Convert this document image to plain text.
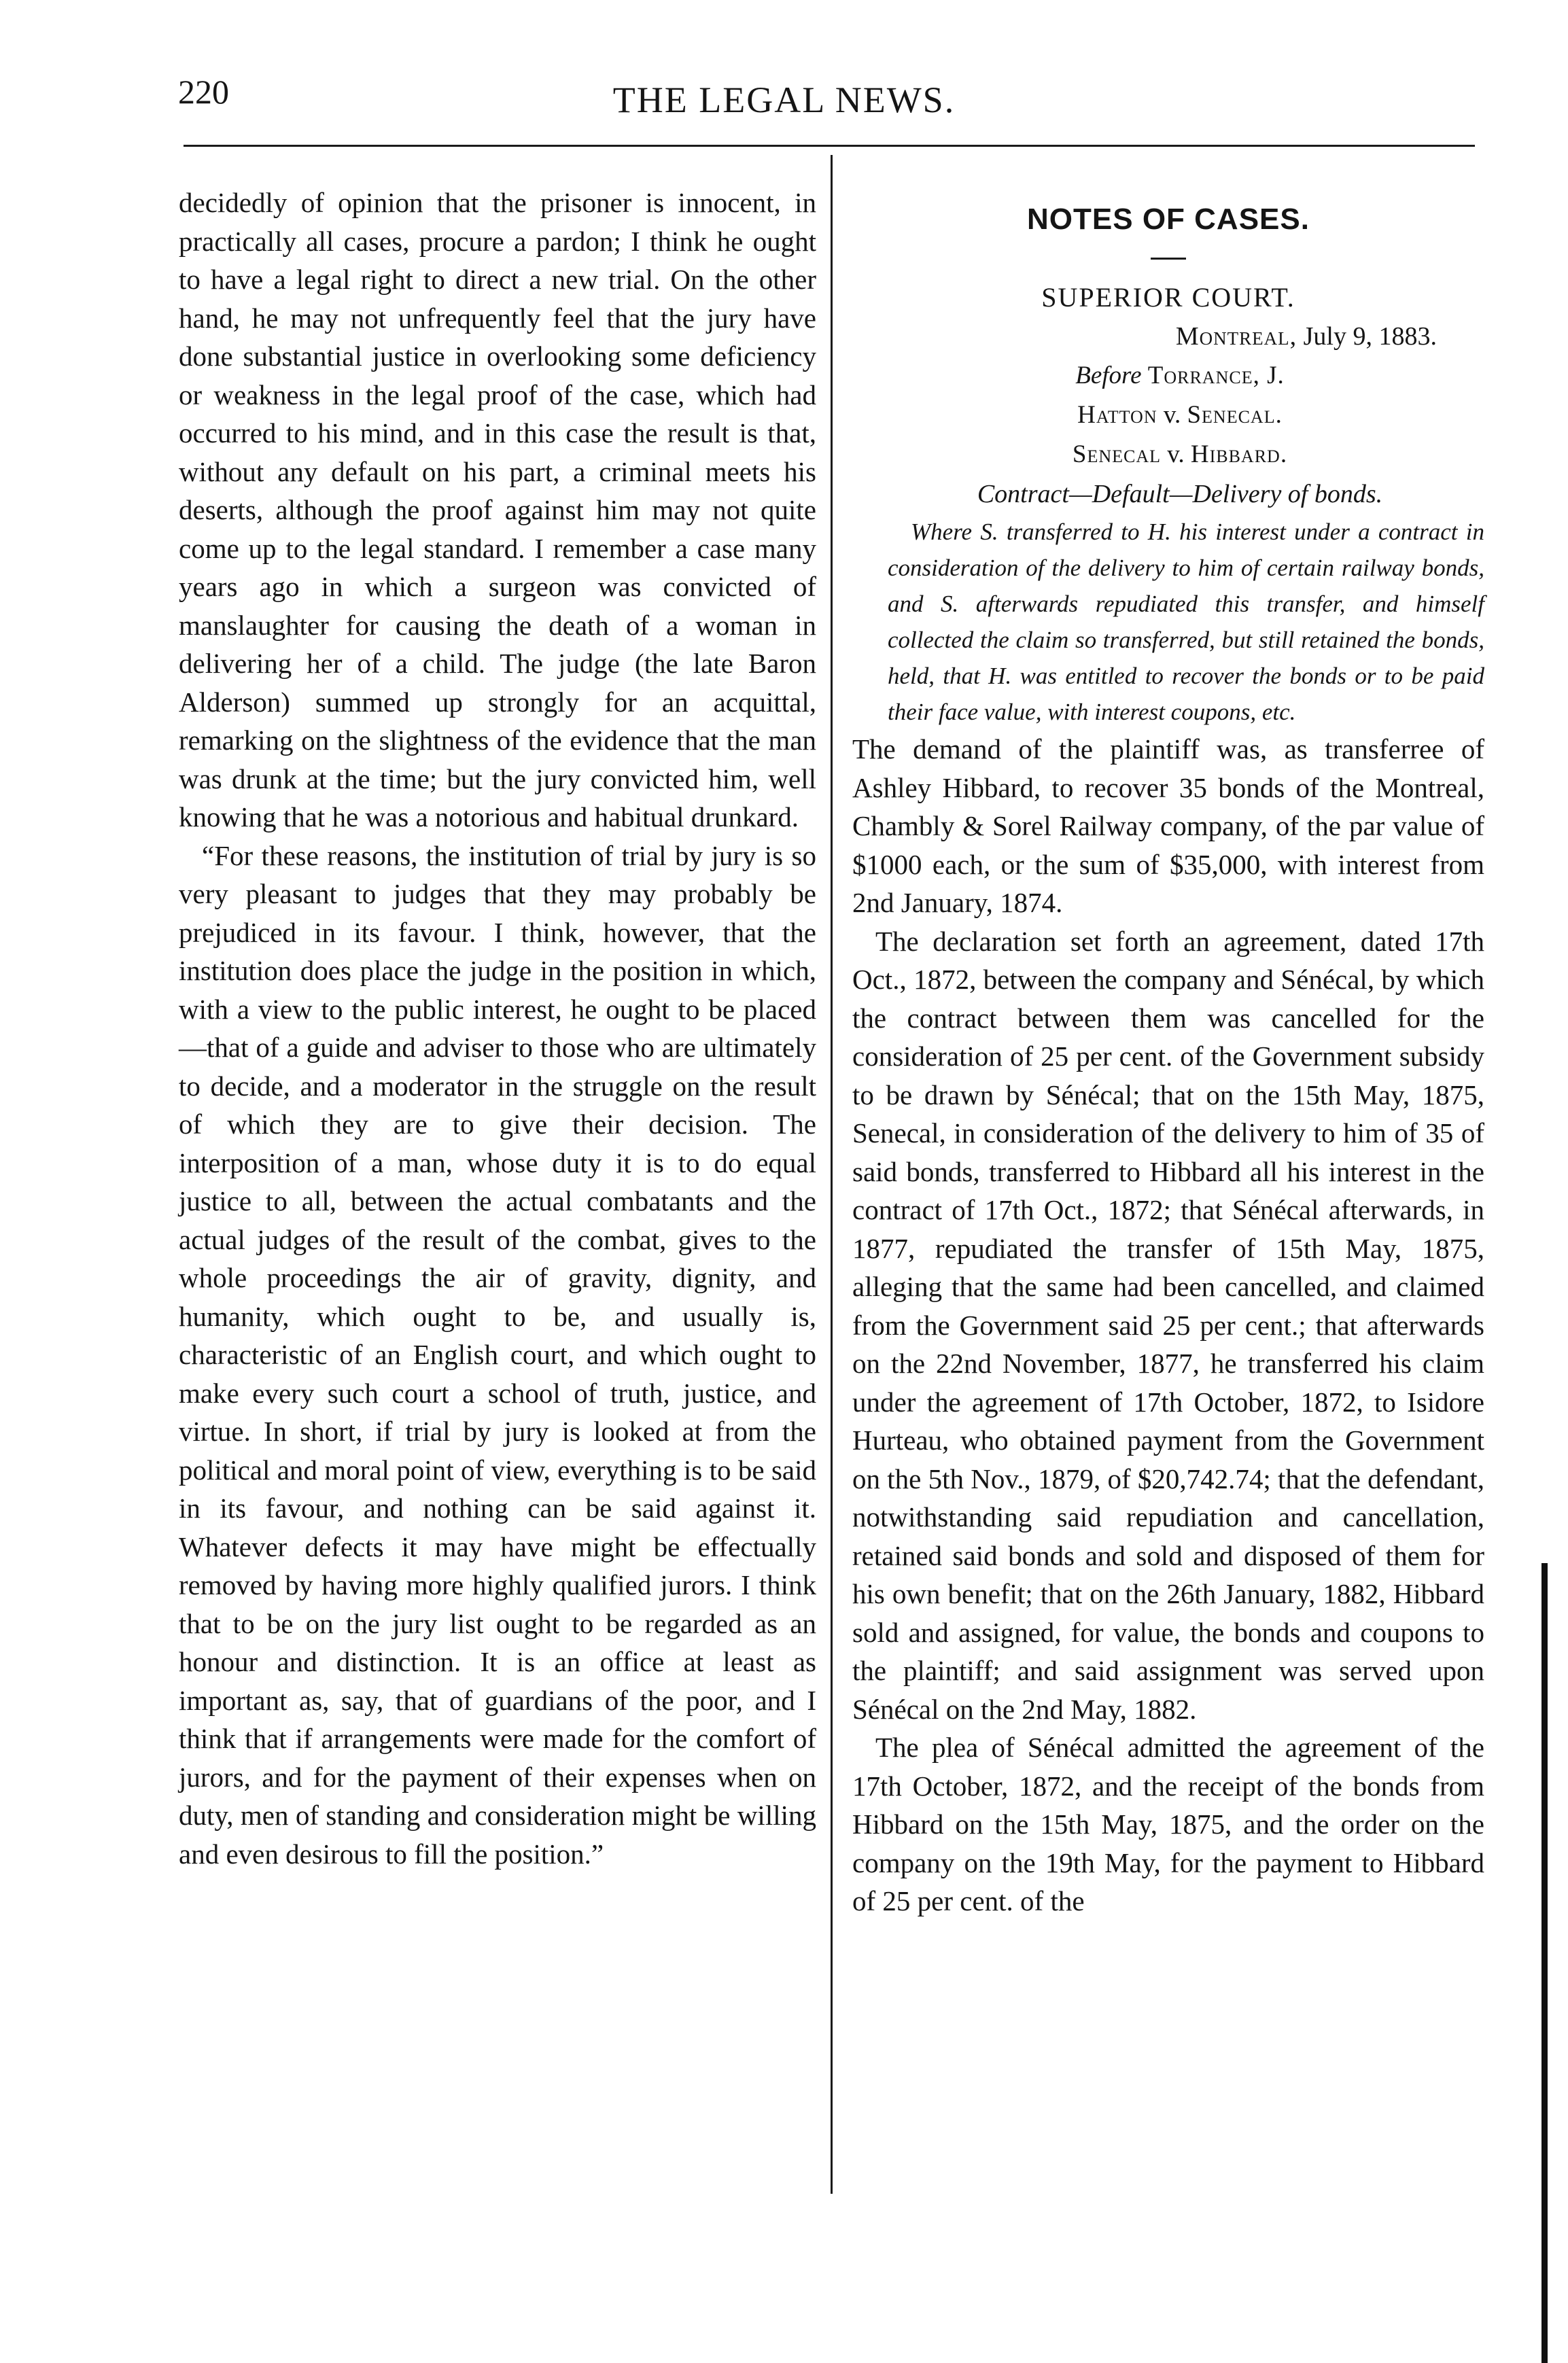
220	THE LEGAL NEWS.

decidedly of opinion that the prisoner is innocent, in practically all cases, procure a pardon; I think he ought to have a legal right to direct a new trial. On the other hand, he may not unfrequently feel that the jury have done substantial justice in overlooking some deficiency or weakness in the legal proof of the case, which had occurred to his mind, and in this case the result is that, without any default on his part, a criminal meets his deserts, although the proof against him may not quite come up to the legal standard. I remember a case many years ago in which a surgeon was convicted of manslaughter for causing the death of a woman in delivering her of a child. The judge (the late Baron Alderson) summed up strongly for an acquittal, remarking on the slightness of the evidence that the man was drunk at the time; but the jury convicted him, well knowing that he was a notorious and habitual drunkard.

“For these reasons, the institution of trial by jury is so very pleasant to judges that they may probably be prejudiced in its favour. I think, however, that the institution does place the judge in the position in which, with a view to the public interest, he ought to be placed—that of a guide and adviser to those who are ultimately to decide, and a moderator in the struggle on the result of which they are to give their decision. The interposition of a man, whose duty it is to do equal justice to all, between the actual combatants and the actual judges of the result of the combat, gives to the whole proceedings the air of gravity, dignity, and humanity, which ought to be, and usually is, characteristic of an English court, and which ought to make every such court a school of truth, justice, and virtue. In short, if trial by jury is looked at from the political and moral point of view, everything is to be said in its favour, and nothing can be said against it. Whatever defects it may have might be effectually removed by having more highly qualified jurors. I think that to be on the jury list ought to be regarded as an honour and distinction. It is an office at least as important as, say, that of guardians of the poor, and I think that if arrangements were made for the comfort of jurors, and for the payment of their expenses when on duty, men of standing and consideration might be willing and even desirous to fill the position.”

NOTES OF CASES.

SUPERIOR COURT.

Montreal, July 9, 1883.

Before Torrance, J.

Hatton v. Senecal.

Senecal v. Hibbard.

Contract—Default—Delivery of bonds.

Where S. transferred to H. his interest under a contract in consideration of the delivery to him of certain railway bonds, and S. afterwards repudiated this transfer, and himself collected the claim so transferred, but still retained the bonds, held, that H. was entitled to recover the bonds or to be paid their face value, with interest coupons, etc.

The demand of the plaintiff was, as transferree of Ashley Hibbard, to recover 35 bonds of the Montreal, Chambly & Sorel Railway company, of the par value of $1000 each, or the sum of $35,000, with interest from 2nd January, 1874.

The declaration set forth an agreement, dated 17th Oct., 1872, between the company and Sénécal, by which the contract between them was cancelled for the consideration of 25 per cent. of the Government subsidy to be drawn by Sénécal; that on the 15th May, 1875, Senecal, in consideration of the delivery to him of 35 of said bonds, transferred to Hibbard all his interest in the contract of 17th Oct., 1872; that Sénécal afterwards, in 1877, repudiated the transfer of 15th May, 1875, alleging that the same had been cancelled, and claimed from the Government said 25 per cent.; that afterwards on the 22nd November, 1877, he transferred his claim under the agreement of 17th October, 1872, to Isidore Hurteau, who obtained payment from the Government on the 5th Nov., 1879, of $20,742.74; that the defendant, notwithstanding said repudiation and cancellation, retained said bonds and sold and disposed of them for his own benefit; that on the 26th January, 1882, Hibbard sold and assigned, for value, the bonds and coupons to the plaintiff; and said assignment was served upon Sénécal on the 2nd May, 1882.

The plea of Sénécal admitted the agreement of the 17th October, 1872, and the receipt of the bonds from Hibbard on the 15th May, 1875, and the order on the company on the 19th May, for the payment to Hibbard of 25 per cent. of the
